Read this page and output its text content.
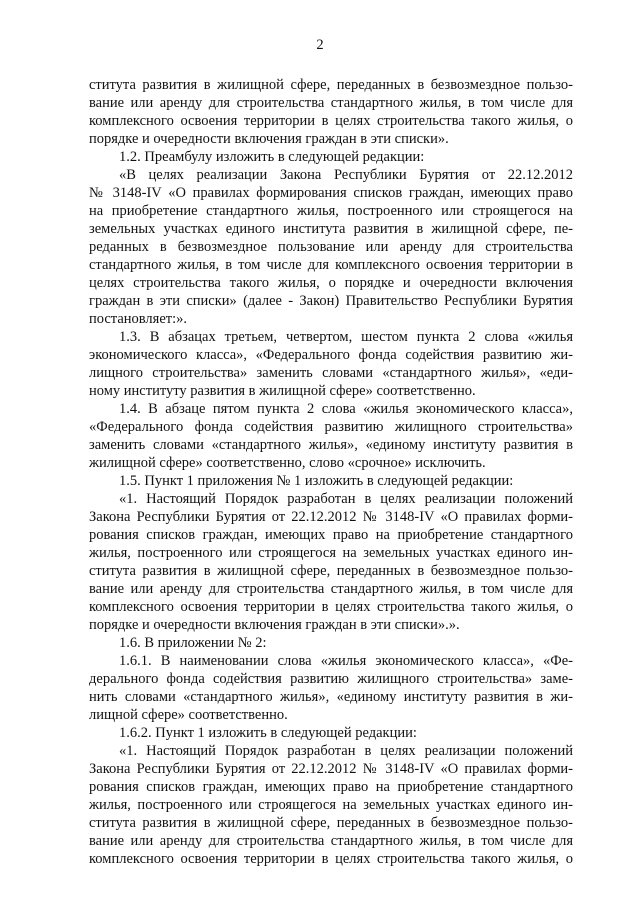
2

ститута развития в жилищной сфере, переданных в безвозмездное пользо-
вание или аренду для строительства стандартного жилья, в том числе для
комплексного освоения территории в целях строительства такого жилья, о
порядке и очередности включения граждан в эти списки».

1.2. Преамбулу изложить в следующей редакции:

«В целях реализации Закона Республики Бурятия от 22.12.2012
№ 3148-IV «О правилах формирования списков граждан, имеющих право
на приобретение стандартного жилья, построенного или строящегося на
земельных участках единого института развития в жилищной сфере, пе-
реданных в безвозмездное пользование или аренду для строительства
стандартного жилья, в том числе для комплексного освоения территории в
целях строительства такого жилья, о порядке и очередности включения
граждан в эти списки» (далее - Закон) Правительство Республики Бурятия
постановляет:».

1.3. В абзацах третьем, четвертом, шестом пункта 2 слова «жилья
экономического класса», «Федерального фонда содействия развитию жи-
лищного строительства» заменить словами «стандартного жилья», «еди-
ному институту развития в жилищной сфере» соответственно.

1.4. В абзаце пятом пункта 2 слова «жилья экономического класса»,
«Федерального фонда содействия развитию жилищного строительства»
заменить словами «стандартного жилья», «единому институту развития в
жилищной сфере» соответственно, слово «срочное» исключить.

1.5. Пункт 1 приложения № 1 изложить в следующей редакции:

«1. Настоящий Порядок разработан в целях реализации положений
Закона Республики Бурятия от 22.12.2012 № 3148-IV «О правилах форми-
рования списков граждан, имеющих право на приобретение стандартного
жилья, построенного или строящегося на земельных участках единого ин-
ститута развития в жилищной сфере, переданных в безвозмездное пользо-
вание или аренду для строительства стандартного жилья, в том числе для
комплексного освоения территории в целях строительства такого жилья, о
порядке и очередности включения граждан в эти списки».».

1.6. В приложении № 2:

1.6.1. В наименовании слова «жилья экономического класса», «Фе-
дерального фонда содействия развитию жилищного строительства» заме-
нить словами «стандартного жилья», «единому институту развития в жи-
лищной сфере» соответственно.

1.6.2. Пункт 1 изложить в следующей редакции:

«1. Настоящий Порядок разработан в целях реализации положений
Закона Республики Бурятия от 22.12.2012 № 3148-IV «О правилах форми-
рования списков граждан, имеющих право на приобретение стандартного
жилья, построенного или строящегося на земельных участках единого ин-
ститута развития в жилищной сфере, переданных в безвозмездное пользо-
вание или аренду для строительства стандартного жилья, в том числе для
комплексного освоения территории в целях строительства такого жилья, о
